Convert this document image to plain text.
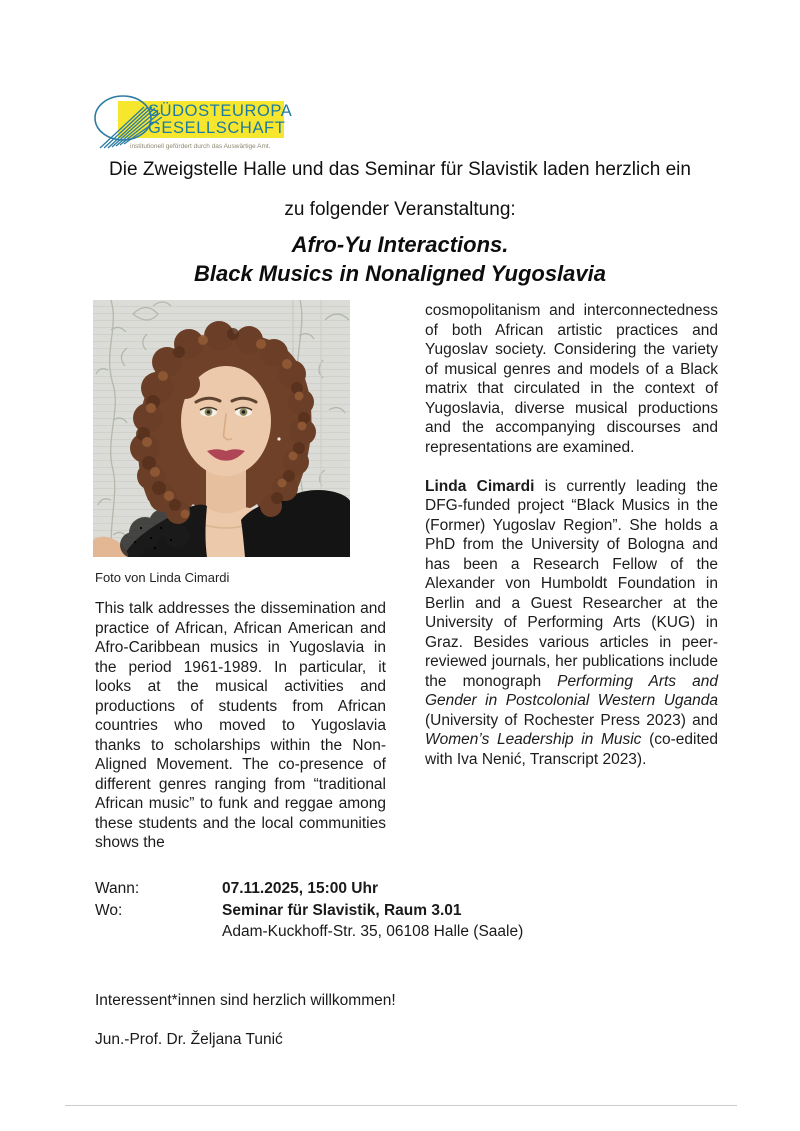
SÜDOSTEUROPA
GESELLSCHAFT
institutionell gefördert durch das Auswärtige Amt.
Die Zweigstelle Halle und das Seminar für Slavistik laden herzlich ein
zu folgender Veranstaltung:
Afro-Yu Interactions.
Black Musics in Nonaligned Yugoslavia
Foto von Linda Cimardi

This talk addresses the dissemination and practice of African, African American and Afro-Caribbean musics in Yugoslavia in the period 1961-1989. In particular, it looks at the musical activities and productions of students from African countries who moved to Yugoslavia thanks to scholarships within the Non-Aligned Movement. The co-presence of different genres ranging from “traditional African music” to funk and reggae among these students and the local communities shows the

cosmopolitanism and interconnectedness of both African artistic practices and Yugoslav society. Considering the variety of musical genres and models of a Black matrix that circulated in the context of Yugoslavia, diverse musical productions and the accompanying discourses and representations are examined.

Linda Cimardi is currently leading the DFG-funded project “Black Musics in the (Former) Yugoslav Region”. She holds a PhD from the University of Bologna and has been a Research Fellow of the Alexander von Humboldt Foundation in Berlin and a Guest Researcher at the University of Performing Arts (KUG) in Graz. Besides various articles in peer-reviewed journals, her publications include the monograph Performing Arts and Gender in Postcolonial Western Uganda (University of Rochester Press 2023) and Women’s Leadership in Music (co-edited with Iva Nenić, Transcript 2023).

Wann:	07.11.2025, 15:00 Uhr
Wo:	Seminar für Slavistik, Raum 3.01
Adam-Kuckhoff-Str. 35, 06108 Halle (Saale)
Interessent*innen sind herzlich willkommen!
Jun.-Prof. Dr. Željana Tunić
